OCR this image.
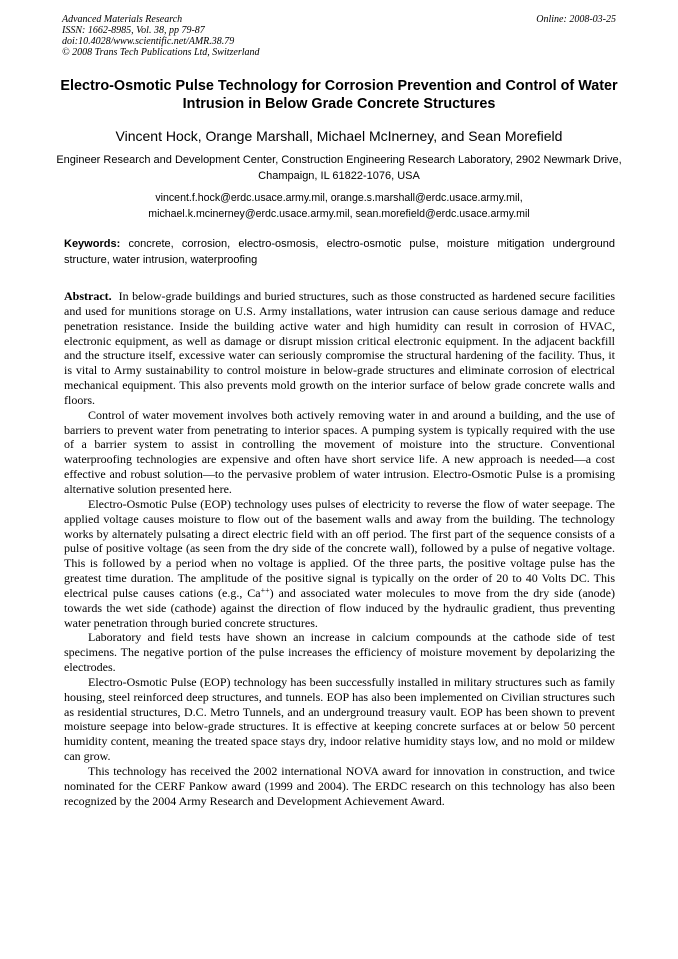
Advanced Materials Research
ISSN: 1662-8985, Vol. 38, pp 79-87
doi:10.4028/www.scientific.net/AMR.38.79
© 2008 Trans Tech Publications Ltd, Switzerland
Online: 2008-03-25
Electro-Osmotic Pulse Technology for Corrosion Prevention and Control of Water Intrusion in Below Grade Concrete Structures
Vincent Hock, Orange Marshall, Michael McInerney, and Sean Morefield
Engineer Research and Development Center, Construction Engineering Research Laboratory, 2902 Newmark Drive, Champaign, IL 61822-1076, USA
vincent.f.hock@erdc.usace.army.mil, orange.s.marshall@erdc.usace.army.mil,
michael.k.mcinerney@erdc.usace.army.mil, sean.morefield@erdc.usace.army.mil
Keywords: concrete, corrosion, electro-osmosis, electro-osmotic pulse, moisture mitigation underground structure, water intrusion, waterproofing

Abstract. In below-grade buildings and buried structures, such as those constructed as hardened secure facilities and used for munitions storage on U.S. Army installations, water intrusion can cause serious damage and reduce penetration resistance. Inside the building active water and high humidity can result in corrosion of HVAC, electronic equipment, as well as damage or disrupt mission critical electronic equipment. In the adjacent backfill and the structure itself, excessive water can seriously compromise the structural hardening of the facility. Thus, it is vital to Army sustainability to control moisture in below-grade structures and eliminate corrosion of electrical mechanical equipment. This also prevents mold growth on the interior surface of below grade concrete walls and floors.

Control of water movement involves both actively removing water in and around a building, and the use of barriers to prevent water from penetrating to interior spaces. A pumping system is typically required with the use of a barrier system to assist in controlling the movement of moisture into the structure. Conventional waterproofing technologies are expensive and often have short service life. A new approach is needed—a cost effective and robust solution—to the pervasive problem of water intrusion. Electro-Osmotic Pulse is a promising alternative solution presented here.

Electro-Osmotic Pulse (EOP) technology uses pulses of electricity to reverse the flow of water seepage. The applied voltage causes moisture to flow out of the basement walls and away from the building. The technology works by alternately pulsating a direct electric field with an off period. The first part of the sequence consists of a pulse of positive voltage (as seen from the dry side of the concrete wall), followed by a pulse of negative voltage. This is followed by a period when no voltage is applied. Of the three parts, the positive voltage pulse has the greatest time duration. The amplitude of the positive signal is typically on the order of 20 to 40 Volts DC. This electrical pulse causes cations (e.g., Ca++) and associated water molecules to move from the dry side (anode) towards the wet side (cathode) against the direction of flow induced by the hydraulic gradient, thus preventing water penetration through buried concrete structures.

Laboratory and field tests have shown an increase in calcium compounds at the cathode side of test specimens. The negative portion of the pulse increases the efficiency of moisture movement by depolarizing the electrodes.

Electro-Osmotic Pulse (EOP) technology has been successfully installed in military structures such as family housing, steel reinforced deep structures, and tunnels. EOP has also been implemented on Civilian structures such as residential structures, D.C. Metro Tunnels, and an underground treasury vault. EOP has been shown to prevent moisture seepage into below-grade structures. It is effective at keeping concrete surfaces at or below 50 percent humidity content, meaning the treated space stays dry, indoor relative humidity stays low, and no mold or mildew can grow.

This technology has received the 2002 international NOVA award for innovation in construction, and twice nominated for the CERF Pankow award (1999 and 2004). The ERDC research on this technology has also been recognized by the 2004 Army Research and Development Achievement Award.
